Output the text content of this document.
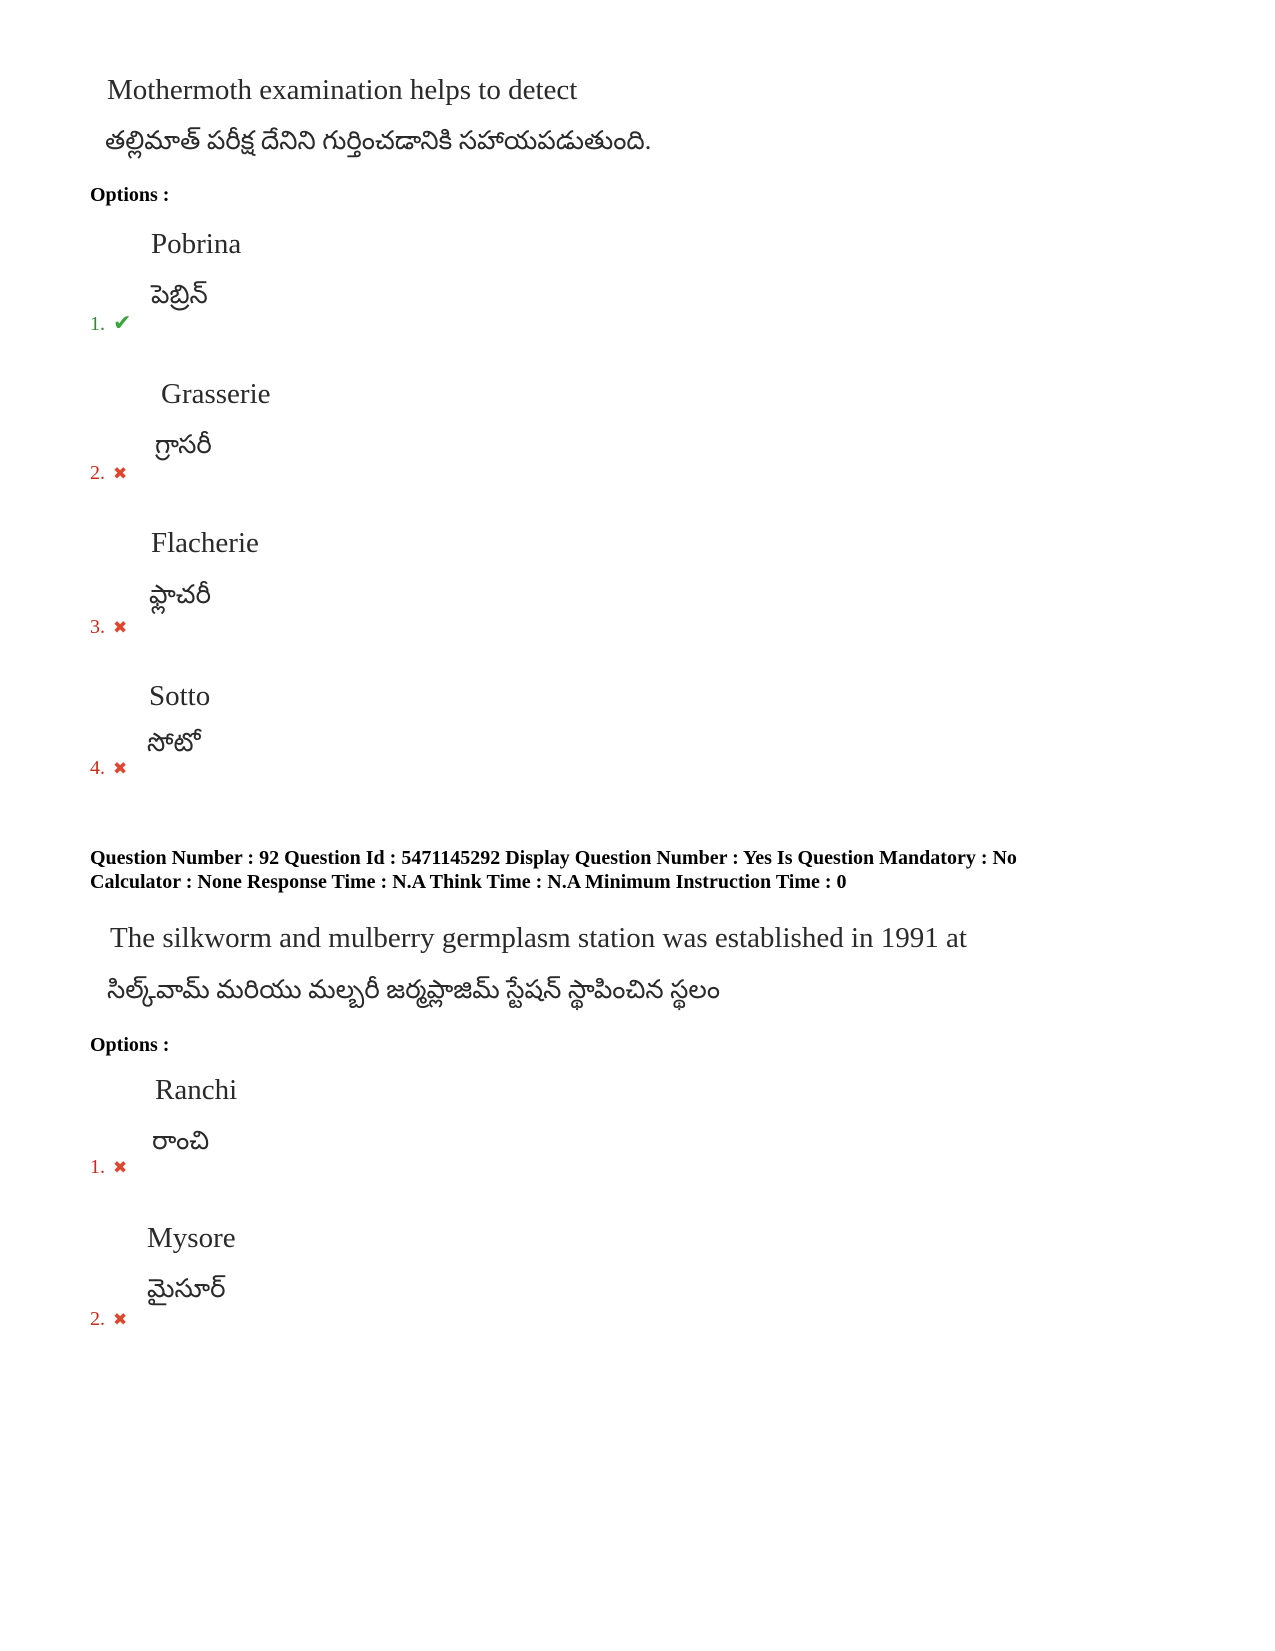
Mothermoth examination helps to detect
తల్లిమాత్ పరీక్ష దేనిని గుర్తించడానికి సహాయపడుతుంది.
Options :
Pobrina
పెబ్రిన్
1. ✔
Grasserie
గ్రాసరీ
2. ✖
Flacherie
ఫ్లాచరీ
3. ✖
Sotto
సోటో
4. ✖
Question Number : 92 Question Id : 5471145292 Display Question Number : Yes Is Question Mandatory : No
Calculator : None Response Time : N.A Think Time : N.A Minimum Instruction Time : 0
The silkworm and mulberry germplasm station was established in 1991 at
సిల్క్‌వామ్ మరియు మల్బరీ జర్మప్లాజిమ్ స్టేషన్ స్థాపించిన స్థలం
Options :
Ranchi
రాంచి
1. ✖
Mysore
మైసూర్
2. ✖
